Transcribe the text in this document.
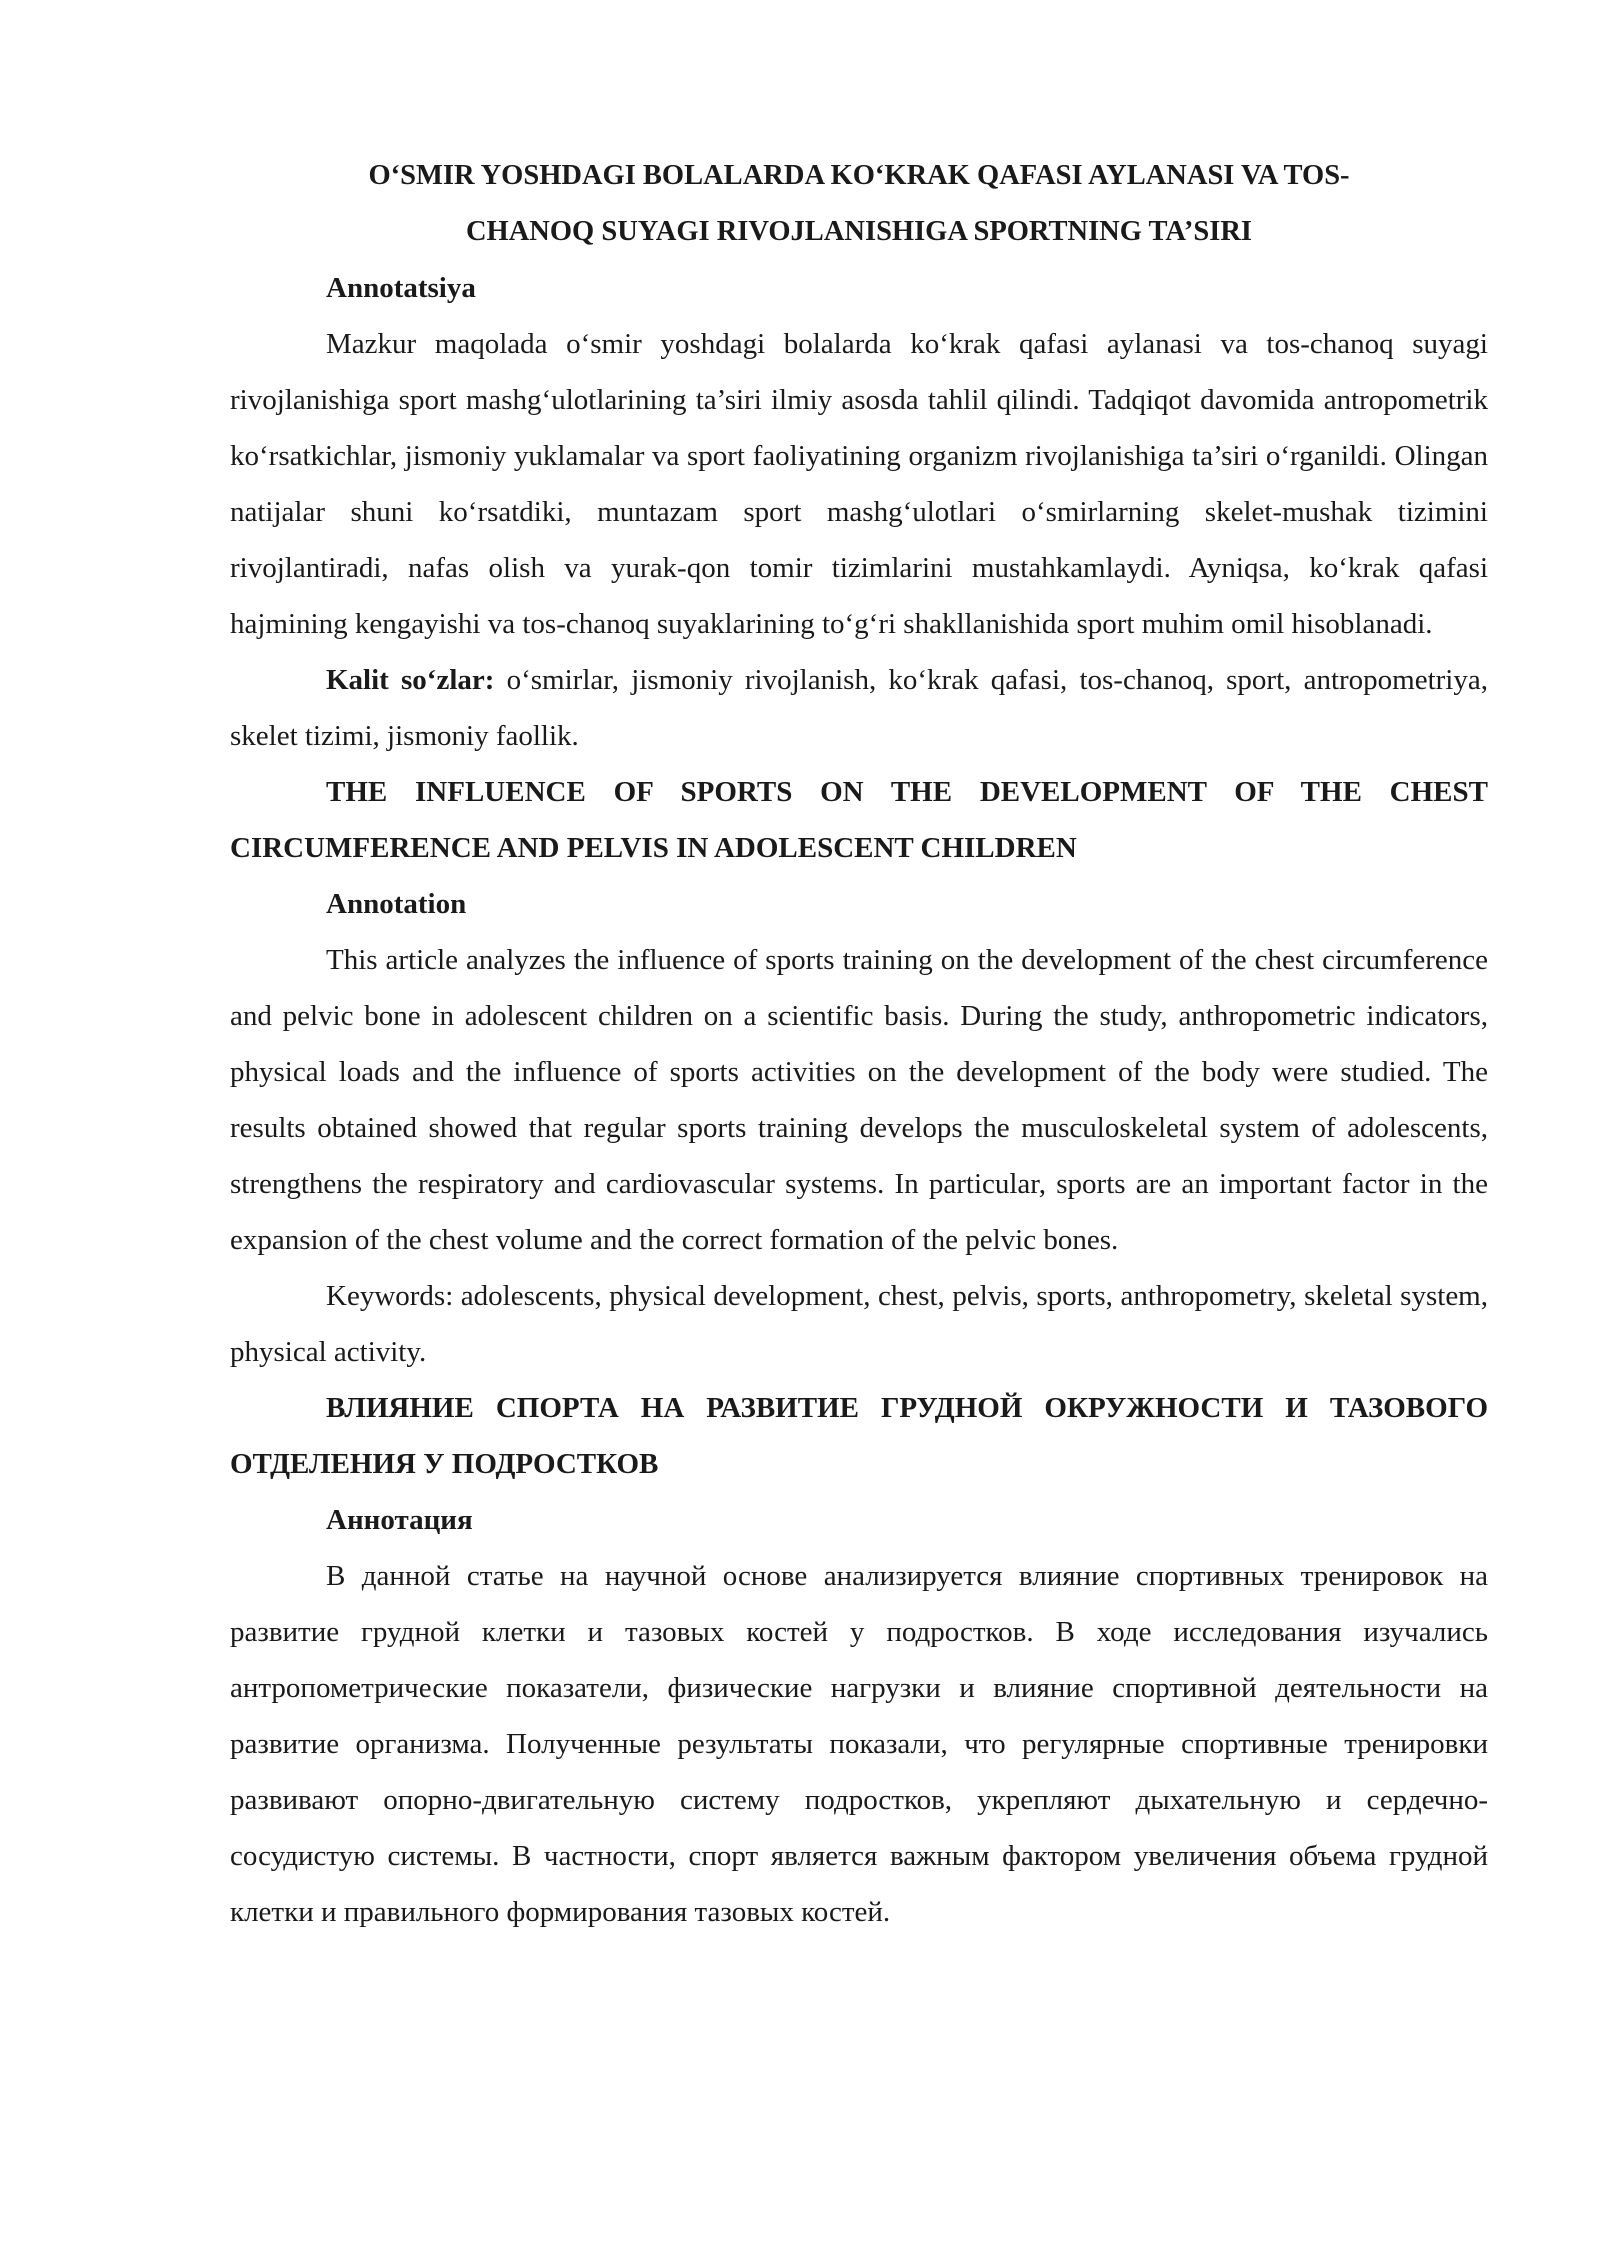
O‘SMIR YOSHDAGI BOLALARDA KO‘KRAK QAFASI AYLANASI VA TOS-
CHANOQ SUYAGI RIVOJLANISHIGA SPORTNING TA’SIRI

Annotatsiya

Mazkur maqolada o‘smir yoshdagi bolalarda ko‘krak qafasi aylanasi va tos-chanoq suyagi rivojlanishiga sport mashg‘ulotlarining ta’siri ilmiy asosda tahlil qilindi. Tadqiqot davomida antropometrik ko‘rsatkichlar, jismoniy yuklamalar va sport faoliyatining organizm rivojlanishiga ta’siri o‘rganildi. Olingan natijalar shuni ko‘rsatdiki, muntazam sport mashg‘ulotlari o‘smirlarning skelet-mushak tizimini rivojlantiradi, nafas olish va yurak-qon tomir tizimlarini mustahkamlaydi. Ayniqsa, ko‘krak qafasi hajmining kengayishi va tos-chanoq suyaklarining to‘g‘ri shakllanishida sport muhim omil hisoblanadi.

Kalit so‘zlar: o‘smirlar, jismoniy rivojlanish, ko‘krak qafasi, tos-chanoq, sport, antropometriya, skelet tizimi, jismoniy faollik.

THE INFLUENCE OF SPORTS ON THE DEVELOPMENT OF THE CHEST CIRCUMFERENCE AND PELVIS IN ADOLESCENT CHILDREN

Annotation

This article analyzes the influence of sports training on the development of the chest circumference and pelvic bone in adolescent children on a scientific basis. During the study, anthropometric indicators, physical loads and the influence of sports activities on the development of the body were studied. The results obtained showed that regular sports training develops the musculoskeletal system of adolescents, strengthens the respiratory and cardiovascular systems. In particular, sports are an important factor in the expansion of the chest volume and the correct formation of the pelvic bones.

Keywords: adolescents, physical development, chest, pelvis, sports, anthropometry, skeletal system, physical activity.

ВЛИЯНИЕ СПОРТА НА РАЗВИТИЕ ГРУДНОЙ ОКРУЖНОСТИ И ТАЗОВОГО ОТДЕЛЕНИЯ У ПОДРОСТКОВ

Аннотация

В данной статье на научной основе анализируется влияние спортивных тренировок на развитие грудной клетки и тазовых костей у подростков. В ходе исследования изучались антропометрические показатели, физические нагрузки и влияние спортивной деятельности на развитие организма. Полученные результаты показали, что регулярные спортивные тренировки развивают опорно-двигательную систему подростков, укрепляют дыхательную и сердечно-сосудистую системы. В частности, спорт является важным фактором увеличения объема грудной клетки и правильного формирования тазовых костей.
